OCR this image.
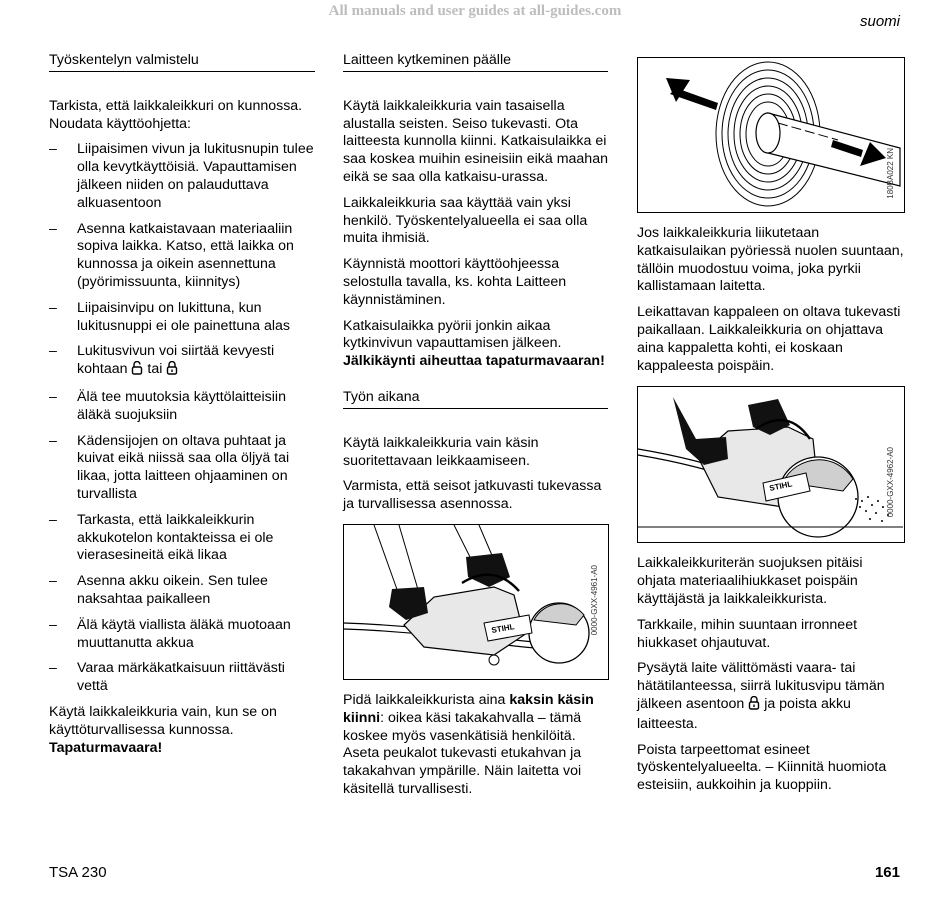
All manuals and user guides at all-guides.com
suomi
Työskentelyn valmistelu

Tarkista, että laikkaleikkuri on kunnossa. Noudata käyttöohjetta:

– Liipaisimen vivun ja lukitusnupin tulee olla kevytkäyttöisiä. Vapauttamisen jälkeen niiden on palauduttava alkuasentoon
– Asenna katkaistavaan materiaaliin sopiva laikka. Katso, että laikka on kunnossa ja oikein asennettuna (pyörimissuunta, kiinnitys)
– Liipaisinvipu on lukittuna, kun lukitusnuppi ei ole painettuna alas
– Lukitusvivun voi siirtää kevyesti kohtaan tai
– Älä tee muutoksia käyttölaitteisiin äläkä suojuksiin
– Kädensijojen on oltava puhtaat ja kuivat eikä niissä saa olla öljyä tai likaa, jotta laitteen ohjaaminen on turvallista
– Tarkasta, että laikkaleikkurin akkukotelon kontakteissa ei ole vierasesineitä eikä likaa
– Asenna akku oikein. Sen tulee naksahtaa paikalleen
– Älä käytä viallista äläkä muotoaan muuttanutta akkua
– Varaa märkäkatkaisuun riittävästi vettä

Käytä laikkaleikkuria vain, kun se on käyttöturvallisessa kunnossa.

Tapaturmavaara!

Laitteen kytkeminen päälle

Käytä laikkaleikkuria vain tasaisella alustalla seisten. Seiso tukevasti. Ota laitteesta kunnolla kiinni. Katkaisulaikka ei saa koskea muihin esineisiin eikä maahan eikä se saa olla katkaisu-urassa.

Laikkaleikkuria saa käyttää vain yksi henkilö. Työskentelyalueella ei saa olla muita ihmisiä.

Käynnistä moottori käyttöohjeessa selostulla tavalla, ks. kohta Laitteen käynnistäminen.

Katkaisulaikka pyörii jonkin aikaa kytkinvivun vapauttamisen jälkeen.

Jälkikäynti aiheuttaa tapaturmavaaran!

Työn aikana

Käytä laikkaleikkuria vain käsin suoritettavaan leikkaamiseen.

Varmista, että seisot jatkuvasti tukevassa ja turvallisessa asennossa.

STIHL	0000-GXX-4961-A0

Pidä laikkaleikkurista aina kaksin käsin kiinni: oikea käsi takakahvalla – tämä koskee myös vasenkätisiä henkilöitä. Aseta peukalot tukevasti etukahvan ja takakahvan ympärille. Näin laitetta voi käsitellä turvallisesti.

180BA022 KN

Jos laikkaleikkuria liikutetaan katkaisulaikan pyöriessä nuolen suuntaan, tällöin muodostuu voima, joka pyrkii kallistamaan laitetta.

Leikattavan kappaleen on oltava tukevasti paikallaan. Laikkaleikkuria on ohjattava aina kappaletta kohti, ei koskaan kappaleesta poispäin.

STIHL	0000-GXX-4962-A0

Laikkaleikkuriterän suojuksen pitäisi ohjata materiaalihiukkaset poispäin käyttäjästä ja laikkaleikkurista.

Tarkkaile, mihin suuntaan irronneet hiukkaset ohjautuvat.

Pysäytä laite välittömästi vaara- tai hätätilanteessa, siirrä lukitusvipu tämän jälkeen asentoon ja poista akku laitteesta.

Poista tarpeettomat esineet työskentelyalueelta. – Kiinnitä huomiota esteisiin, aukkoihin ja kuoppiin.

TSA 230	161
